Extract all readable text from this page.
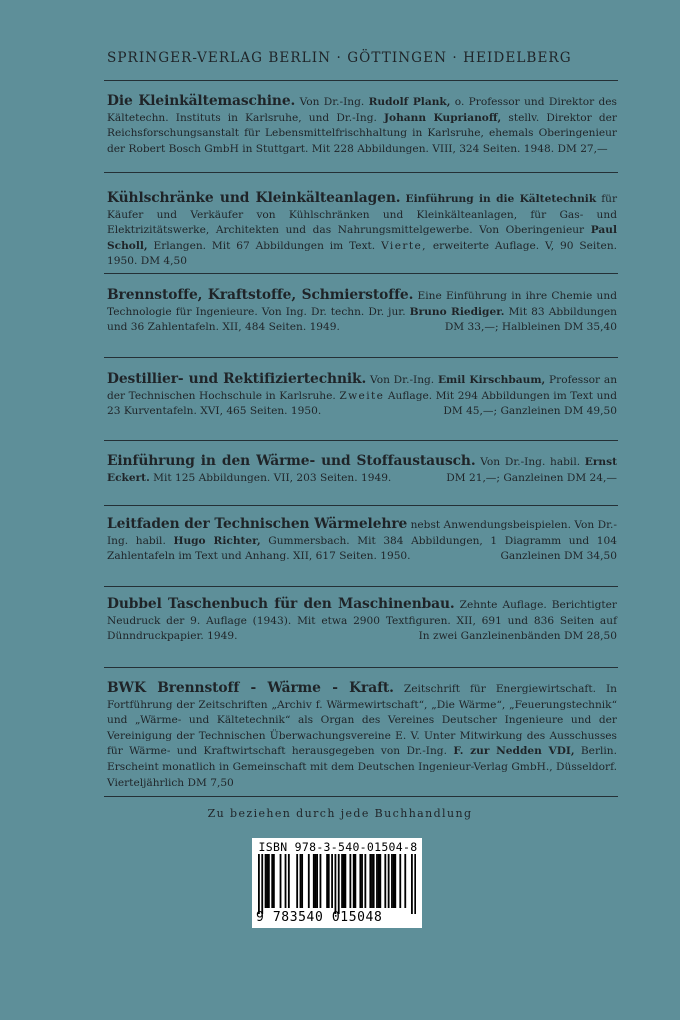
SPRINGER-VERLAG BERLIN · GÖTTINGEN · HEIDELBERG
Die Kleinkältemaschine. Von Dr.-Ing. Rudolf Plank, o. Professor und Direktor des Kältetechn. Instituts in Karlsruhe, und Dr.-Ing. Johann Kuprianoff, stellv. Direktor der Reichsforschungsanstalt für Lebensmittelfrischhaltung in Karlsruhe, ehemals Oberingenieur der Robert Bosch GmbH in Stuttgart. Mit 228 Abbildungen. VIII, 324 Seiten. 1948. DM 27,—
Kühlschränke und Kleinkälteanlagen. Einführung in die Kältetechnik für Käufer und Verkäufer von Kühlschränken und Kleinkälteanlagen, für Gas- und Elektrizitätswerke, Architekten und das Nahrungsmittelgewerbe. Von Oberingenieur Paul Scholl, Erlangen. Mit 67 Abbildungen im Text. Vierte, erweiterte Auflage. V, 90 Seiten. 1950. DM 4,50
Brennstoffe, Kraftstoffe, Schmierstoffe. Eine Einführung in ihre Chemie und Technologie für Ingenieure. Von Ing. Dr. techn. Dr. jur. Bruno Riediger. Mit 83 Abbildungen und 36 Zahlentafeln. XII, 484 Seiten. 1949.	DM 33,—; Halbleinen DM 35,40
Destillier- und Rektifiziertechnik. Von Dr.-Ing. Emil Kirschbaum, Professor an der Technischen Hochschule in Karlsruhe. Zweite Auflage. Mit 294 Abbildungen im Text und 23 Kurventafeln. XVI, 465 Seiten. 1950.	DM 45,—; Ganzleinen DM 49,50
Einführung in den Wärme- und Stoffaustausch. Von Dr.-Ing. habil. Ernst Eckert. Mit 125 Abbildungen. VII, 203 Seiten. 1949.	DM 21,—; Ganzleinen DM 24,—
Leitfaden der Technischen Wärmelehre nebst Anwendungsbeispielen. Von Dr.-Ing. habil. Hugo Richter, Gummersbach. Mit 384 Abbildungen, 1 Diagramm und 104 Zahlentafeln im Text und Anhang. XII, 617 Seiten. 1950.	Ganzleinen DM 34,50
Dubbel Taschenbuch für den Maschinenbau. Zehnte Auflage. Berichtigter Neudruck der 9. Auflage (1943). Mit etwa 2900 Textfiguren. XII, 691 und 836 Seiten auf Dünndruckpapier. 1949.	In zwei Ganzleinenbänden DM 28,50
BWK Brennstoff - Wärme - Kraft. Zeitschrift für Energiewirtschaft. In Fortführung der Zeitschriften „Archiv f. Wärmewirtschaft“, „Die Wärme“, „Feuerungstechnik“ und „Wärme- und Kältetechnik“ als Organ des Vereines Deutscher Ingenieure und der Vereinigung der Technischen Überwachungsvereine E. V. Unter Mitwirkung des Ausschusses für Wärme- und Kraftwirtschaft herausgegeben von Dr.-Ing. F. zur Nedden VDI, Berlin. Erscheint monatlich in Gemeinschaft mit dem Deutschen Ingenieur-Verlag GmbH., Düsseldorf. Vierteljährlich DM 7,50
Zu beziehen durch jede Buchhandlung
ISBN 978-3-540-01504-8
9 783540 015048
